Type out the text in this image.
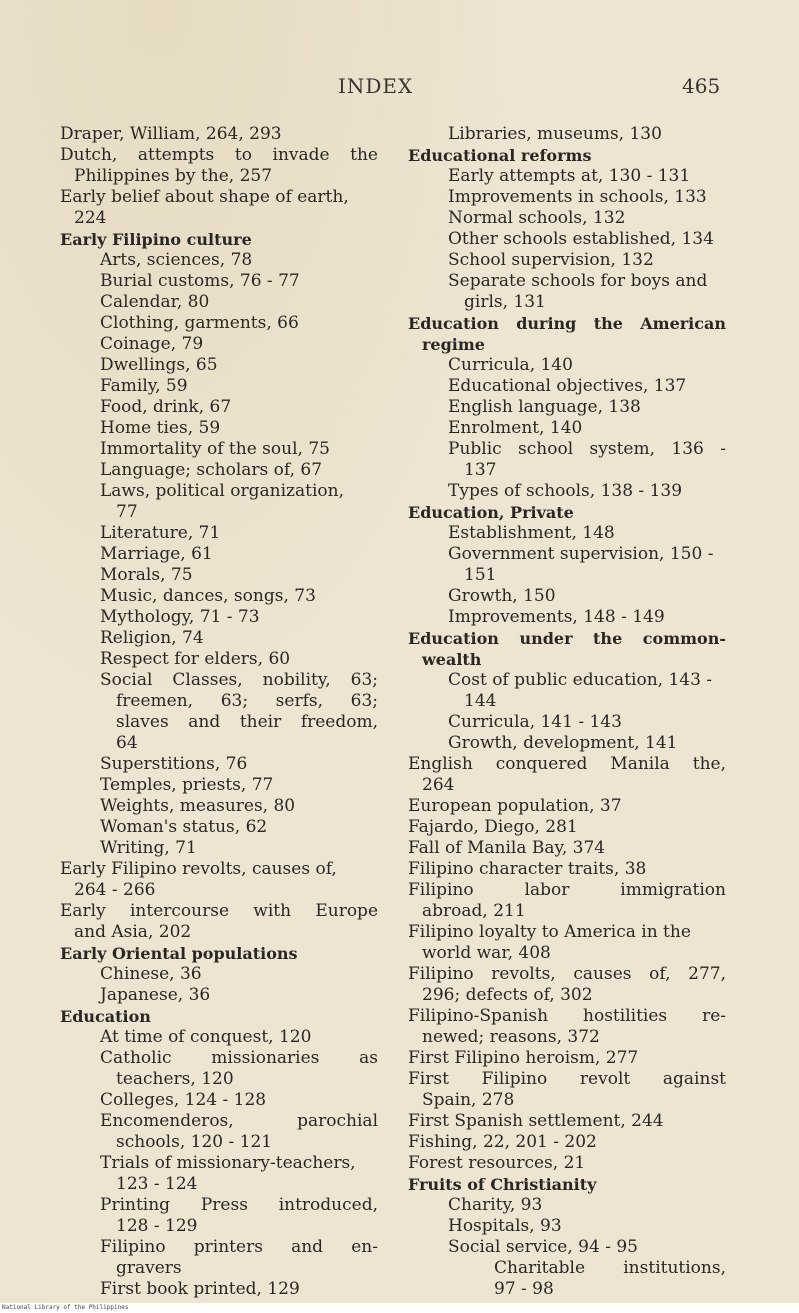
INDEX	465
Draper, William, 264, 293
Dutch, attempts to invade the
Philippines by the, 257
Early belief about shape of earth,
224
Early Filipino culture
Arts, sciences, 78
Burial customs, 76 - 77
Calendar, 80
Clothing, garments, 66
Coinage, 79
Dwellings, 65
Family, 59
Food, drink, 67
Home ties, 59
Immortality of the soul, 75
Language; scholars of, 67
Laws, political organization,
77
Literature, 71
Marriage, 61
Morals, 75
Music, dances, songs, 73
Mythology, 71 - 73
Religion, 74
Respect for elders, 60
Social Classes, nobility, 63;
freemen, 63; serfs, 63;
slaves and their freedom,
64
Superstitions, 76
Temples, priests, 77
Weights, measures, 80
Woman's status, 62
Writing, 71
Early Filipino revolts, causes of,
264 - 266
Early intercourse with Europe
and Asia, 202
Early Oriental populations
Chinese, 36
Japanese, 36
Education
At time of conquest, 120
Catholic missionaries as
teachers, 120
Colleges, 124 - 128
Encomenderos, parochial
schools, 120 - 121
Trials of missionary-teachers,
123 - 124
Printing Press introduced,
128 - 129
Filipino printers and en-
gravers
First book printed, 129
Libraries, museums, 130
Educational reforms
Early attempts at, 130 - 131
Improvements in schools, 133
Normal schools, 132
Other schools established, 134
School supervision, 132
Separate schools for boys and
girls, 131
Education during the American
regime
Curricula, 140
Educational objectives, 137
English language, 138
Enrolment, 140
Public school system, 136 -
137
Types of schools, 138 - 139
Education, Private
Establishment, 148
Government supervision, 150 -
151
Growth, 150
Improvements, 148 - 149
Education under the common-
wealth
Cost of public education, 143 -
144
Curricula, 141 - 143
Growth, development, 141
English conquered Manila the,
264
European population, 37
Fajardo, Diego, 281
Fall of Manila Bay, 374
Filipino character traits, 38
Filipino labor immigration
abroad, 211
Filipino loyalty to America in the
world war, 408
Filipino revolts, causes of, 277,
296; defects of, 302
Filipino-Spanish hostilities re-
newed; reasons, 372
First Filipino heroism, 277
First Filipino revolt against
Spain, 278
First Spanish settlement, 244
Fishing, 22, 201 - 202
Forest resources, 21
Fruits of Christianity
Charity, 93
Hospitals, 93
Social service, 94 - 95
Charitable institutions,
97 - 98
National Library of the Philippines
